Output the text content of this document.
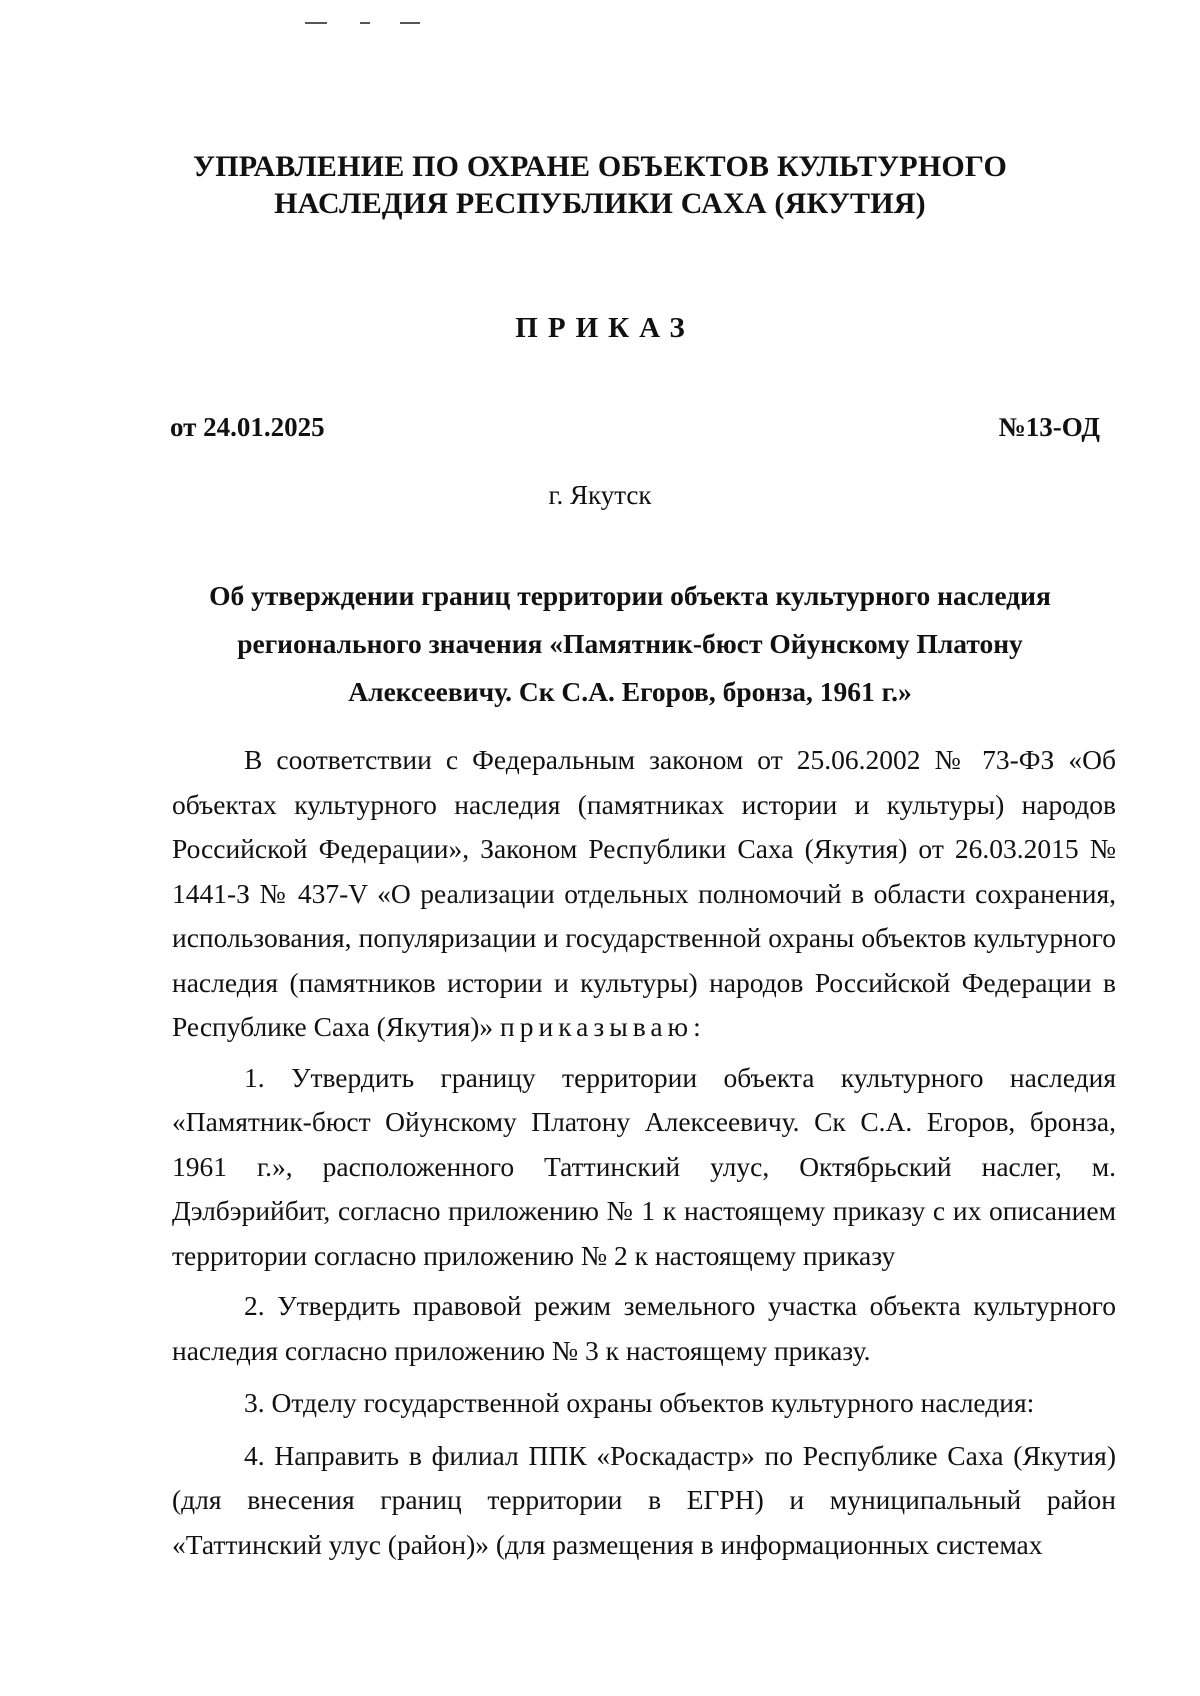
УПРАВЛЕНИЕ ПО ОХРАНЕ ОБЪЕКТОВ КУЛЬТУРНОГО
НАСЛЕДИЯ РЕСПУБЛИКИ САХА (ЯКУТИЯ)
ПРИКАЗ
от 24.01.2025	№13-ОД
г. Якутск
Об утверждении границ территории объекта культурного наследия
регионального значения «Памятник-бюст Ойунскому Платону
Алексеевичу. Ск С.А. Егоров, бронза, 1961 г.»

В соответствии с Федеральным законом от 25.06.2002 № 73-ФЗ «Об объектах культурного наследия (памятниках истории и культуры) народов Российской Федерации», Законом Республики Саха (Якутия) от 26.03.2015 № 1441-З № 437-V «О реализации отдельных полномочий в области сохранения, использования, популяризации и государственной охраны объектов культурного наследия (памятников истории и культуры) народов Российской Федерации в Республике Саха (Якутия)» приказываю:

1. Утвердить границу территории объекта культурного наследия «Памятник-бюст Ойунскому Платону Алексеевичу. Ск С.А. Егоров, бронза, 1961 г.», расположенного Таттинский улус, Октябрьский наслег, м. Дэлбэрийбит, согласно приложению № 1 к настоящему приказу с их описанием территории согласно приложению № 2 к настоящему приказу

2. Утвердить правовой режим земельного участка объекта культурного наследия согласно приложению № 3 к настоящему приказу.

3. Отделу государственной охраны объектов культурного наследия:

4. Направить в филиал ППК «Роскадастр» по Республике Саха (Якутия) (для внесения границ территории в ЕГРН) и муниципальный район «Таттинский улус (район)» (для размещения в информационных системах
